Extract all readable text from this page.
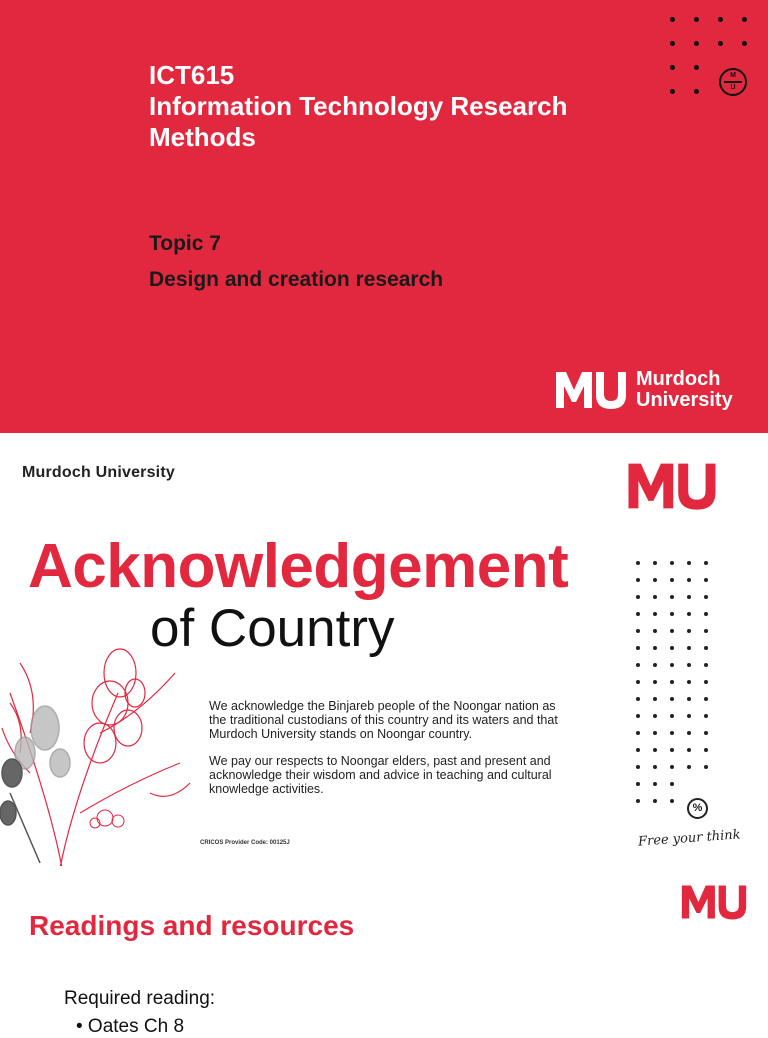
ICT615
Information Technology Research Methods
Topic 7
Design and creation research
M
U
Murdoch
University
Murdoch University
Acknowledgement
of Country

We acknowledge the Binjareb people of the Noongar nation as the traditional custodians of this country and its waters and that Murdoch University stands on Noongar country.

We pay our respects to Noongar elders, past and present and acknowledge their wisdom and advice in teaching and cultural knowledge activities.

CRICOS Provider Code: 00125J
%
Free your think
Readings and resources
Required reading:
• Oates Ch 8
